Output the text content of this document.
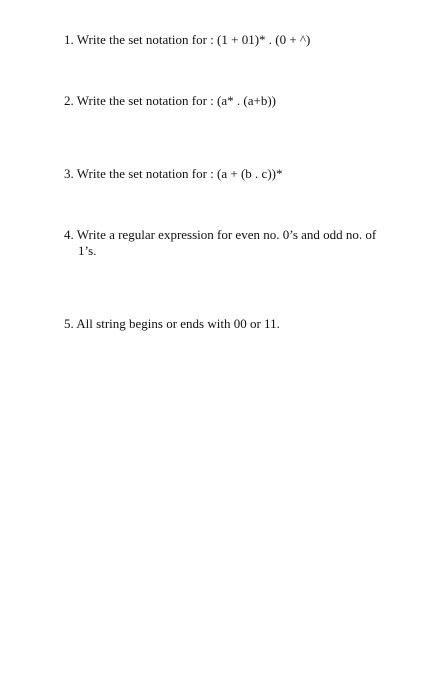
1. Write the set notation for : (1 + 01)* . (0 + ^)

2. Write the set notation for : (a* . (a+b))

3. Write the set notation for : (a + (b . c))*

4. Write a regular expression for even no. 0’s and odd no. of 1’s.

5. All string begins or ends with 00 or 11.
